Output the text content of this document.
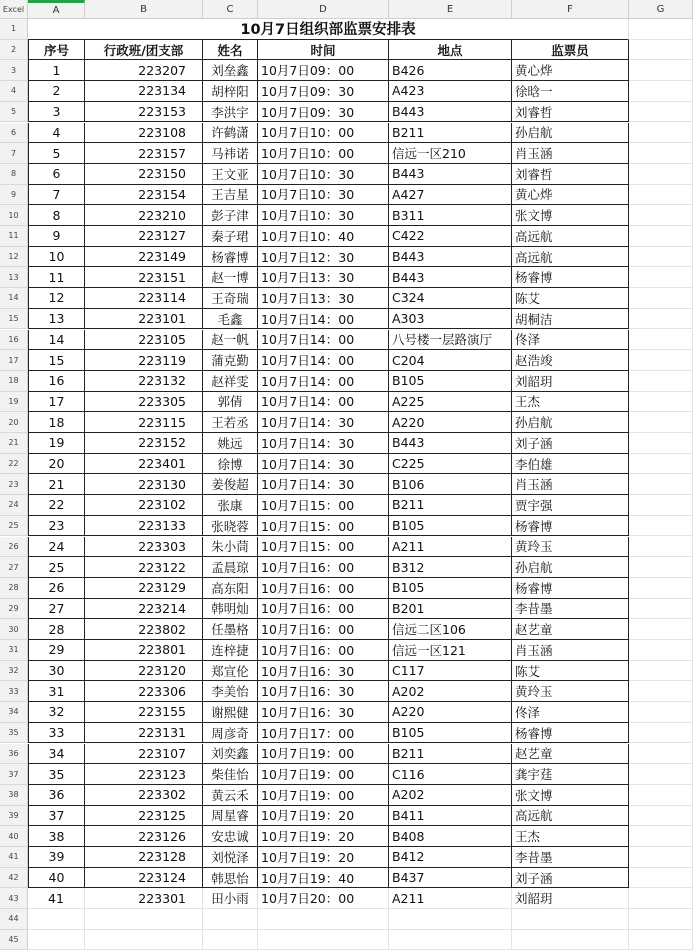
Excel	A	B	C	D	E	F	G
1
2
3
4
5
6
7
8
9
10
11
12
13
14
15
16
17
18
19
20
21
22
23
24
25
26
27
28
29
30
31
32
33
34
35
36
37
38
39
40
41
42
43
44
45
10月7日组织部监票安排表
序号	行政班/团支部	姓名	时间	地点	监票员
1	223207	刘垒鑫 10月7日09：00	B426	黄心烨
2	223134	胡梓阳 10月7日09：30	A423	徐晗一
3	223153	李洪宇 10月7日09：30	B443	刘睿哲
4	223108	许鹤潇 10月7日10：00	B211	孙启航
5	223157	马祎诺 10月7日10：00	信远一区210	肖玉涵
6	223150	王文亚 10月7日10：30	B443	刘睿哲
7	223154	王吉星 10月7日10：30	A427	黄心烨
8	223210	彭子津 10月7日10：30	B311	张文博
9	223127	秦子珺 10月7日10：40	C422	高远航
10	223149	杨睿博 10月7日12：30	B443	高远航
11	223151	赵一博 10月7日13：30	B443	杨睿博
12	223114	王奇瑞 10月7日13：30	C324	陈艾
13	223101	毛鑫	10月7日14：00	A303	胡桐洁
14	223105	赵一帆 10月7日14：00	八号楼一层路演厅	佟泽
15	223119	蒲克勤 10月7日14：00	C204	赵浩竣
16	223132	赵祥雯 10月7日14：00	B105	刘韶玥
17	223305	郭倩	10月7日14：00	A225	王杰
18	223115	王若丞 10月7日14：30	A220	孙启航
19	223152	姚远	10月7日14：30	B443	刘子涵
20	223401	徐博	10月7日14：30	C225	李伯雄
21	223130	姜俊超 10月7日14：30	B106	肖玉涵
22	223102	张康	10月7日15：00	B211	贾宇强
23	223133	张晓蓉 10月7日15：00	B105	杨睿博
24	223303	朱小茼 10月7日15：00	A211	黄玲玉
25	223122	孟晨琼 10月7日16：00	B312	孙启航
26	223129	高东阳 10月7日16：00	B105	杨睿博
27	223214	韩明灿 10月7日16：00	B201	李昔墨
28	223802	任墨格 10月7日16：00	信远二区106	赵艺童
29	223801	连梓捷 10月7日16：00	信远一区121	肖玉涵
30	223120	郑宣伦 10月7日16：30	C117	陈艾
31	223306	李美怡 10月7日16：30	A202	黄玲玉
32	223155	谢熙健 10月7日16：30	A220	佟泽
33	223131	周彦奇 10月7日17：00	B105	杨睿博
34	223107	刘奕鑫 10月7日19：00	B211	赵艺童
35	223123	柴佳怡 10月7日19：00	C116	龚宇莛
36	223302	黄云禾 10月7日19：00	A202	张文博
37	223125	周星睿 10月7日19：20	B411	高远航
38	223126	安忠诚 10月7日19：20	B408	王杰
39	223128	刘悦泽 10月7日19：20	B412	李昔墨
40	223124	韩思怡 10月7日19：40	B437	刘子涵
41	223301	田小雨 10月7日20：00	A211	刘韶玥
